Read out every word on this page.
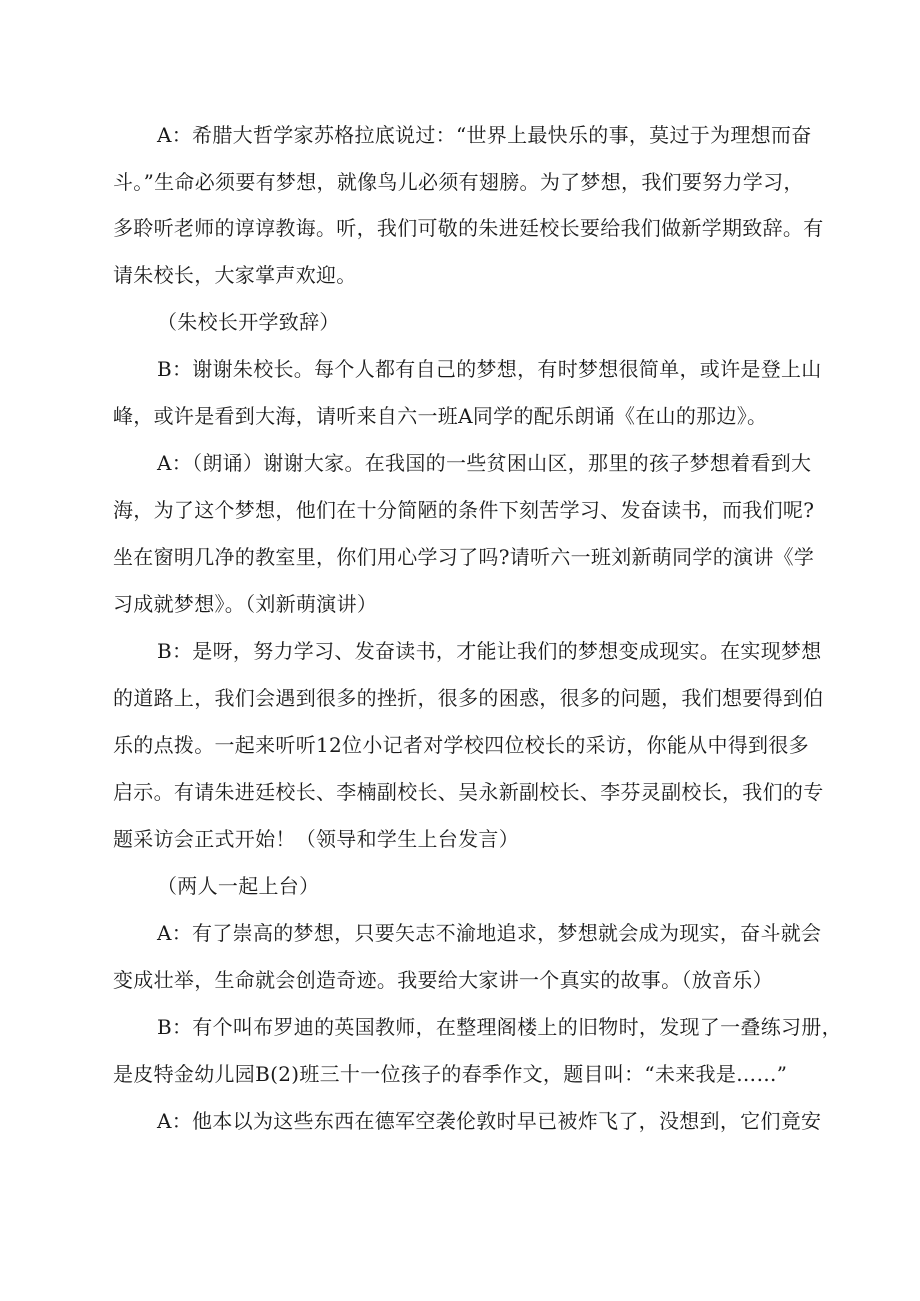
A：希腊大哲学家苏格拉底说过：“世界上最快乐的事，莫过于为理想而奋
斗。”生命必须要有梦想，就像鸟儿必须有翅膀。为了梦想，我们要努力学习，
多聆听老师的谆谆教诲。听，我们可敬的朱进廷校长要给我们做新学期致辞。有
请朱校长，大家掌声欢迎。
（朱校长开学致辞）
B：谢谢朱校长。每个人都有自己的梦想，有时梦想很简单，或许是登上山
峰，或许是看到大海，请听来自六一班A同学的配乐朗诵《在山的那边》。
A：（朗诵）谢谢大家。在我国的一些贫困山区，那里的孩子梦想着看到大
海，为了这个梦想，他们在十分简陋的条件下刻苦学习、发奋读书，而我们呢?
坐在窗明几净的教室里，你们用心学习了吗?请听六一班刘新萌同学的演讲《学
习成就梦想》。（刘新萌演讲）
B：是呀，努力学习、发奋读书，才能让我们的梦想变成现实。在实现梦想
的道路上，我们会遇到很多的挫折，很多的困惑，很多的问题，我们想要得到伯
乐的点拨。一起来听听12位小记者对学校四位校长的采访，你能从中得到很多
启示。有请朱进廷校长、李楠副校长、吴永新副校长、李芬灵副校长，我们的专
题采访会正式开始！（领导和学生上台发言）
（两人一起上台）
A：有了崇高的梦想，只要矢志不渝地追求，梦想就会成为现实，奋斗就会
变成壮举，生命就会创造奇迹。我要给大家讲一个真实的故事。（放音乐）
B：有个叫布罗迪的英国教师，在整理阁楼上的旧物时，发现了一叠练习册，
是皮特金幼儿园B(2)班三十一位孩子的春季作文，题目叫：“未来我是……”
A：他本以为这些东西在德军空袭伦敦时早已被炸飞了，没想到，它们竟安
